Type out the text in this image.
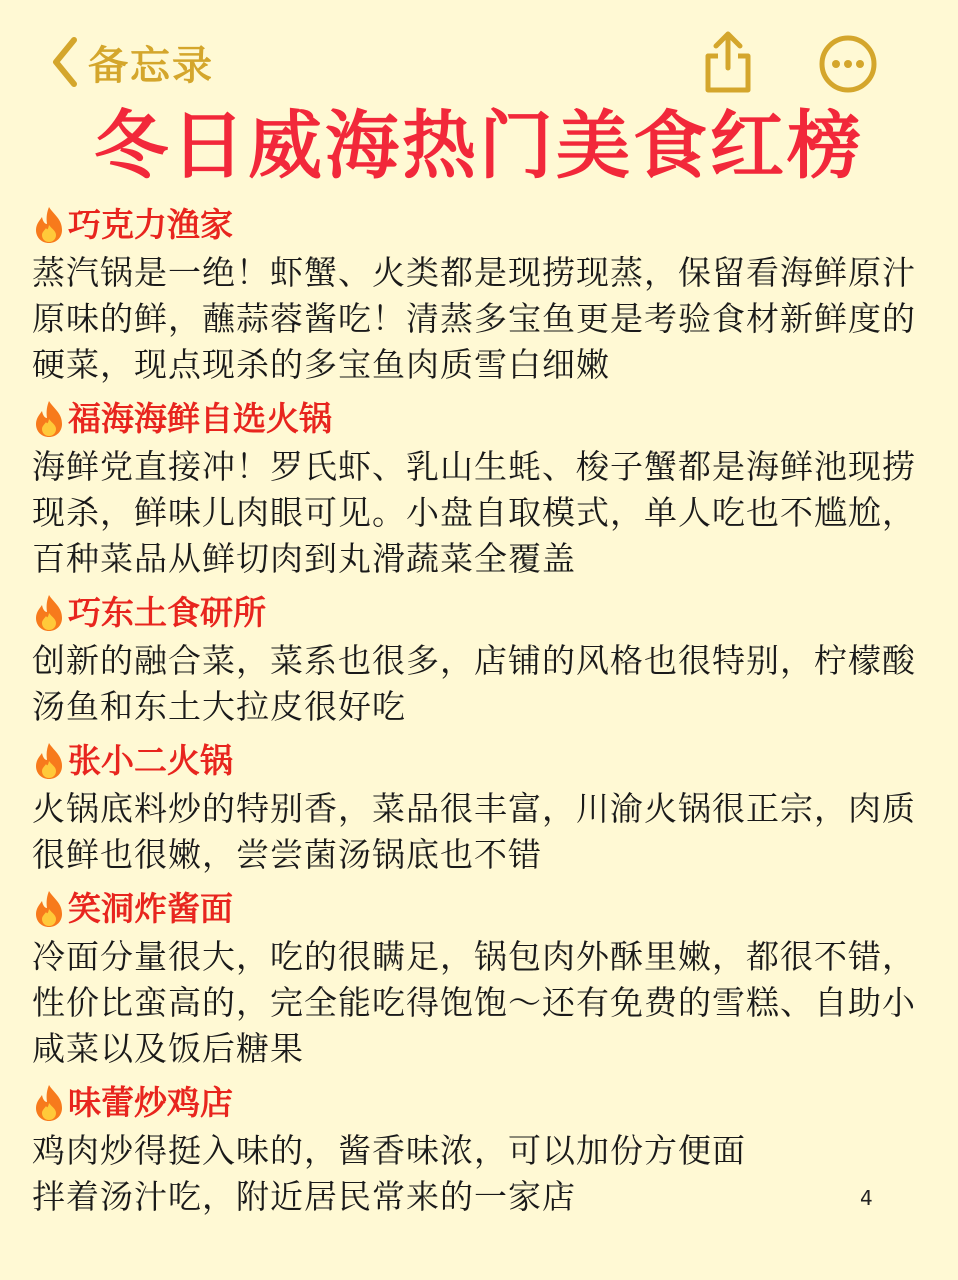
备忘录
冬日威海热门美食红榜
巧克力渔家
蒸汽锅是一绝！虾蟹、火类都是现捞现蒸，保留看海鲜原汁原味的鲜，蘸蒜蓉酱吃！清蒸多宝鱼更是考验食材新鲜度的硬菜，现点现杀的多宝鱼肉质雪白细嫩
福海海鲜自选火锅
海鲜党直接冲！罗氏虾、乳山生蚝、梭子蟹都是海鲜池现捞现杀，鲜味儿肉眼可见。小盘自取模式，单人吃也不尴尬，百种菜品从鲜切肉到丸滑蔬菜全覆盖
巧东土食研所
创新的融合菜，菜系也很多，店铺的风格也很特别，柠檬酸汤鱼和东土大拉皮很好吃
张小二火锅
火锅底料炒的特别香，菜品很丰富，川渝火锅很正宗，肉质很鲜也很嫩，尝尝菌汤锅底也不错
笑洞炸酱面
冷面分量很大，吃的很瞒足，锅包肉外酥里嫩，都很不错，性价比蛮高的，完全能吃得饱饱～还有免费的雪糕、自助小咸菜以及饭后糖果
味蕾炒鸡店
鸡肉炒得挺入味的，酱香味浓，可以加份方便面
拌着汤汁吃，附近居民常来的一家店	4
